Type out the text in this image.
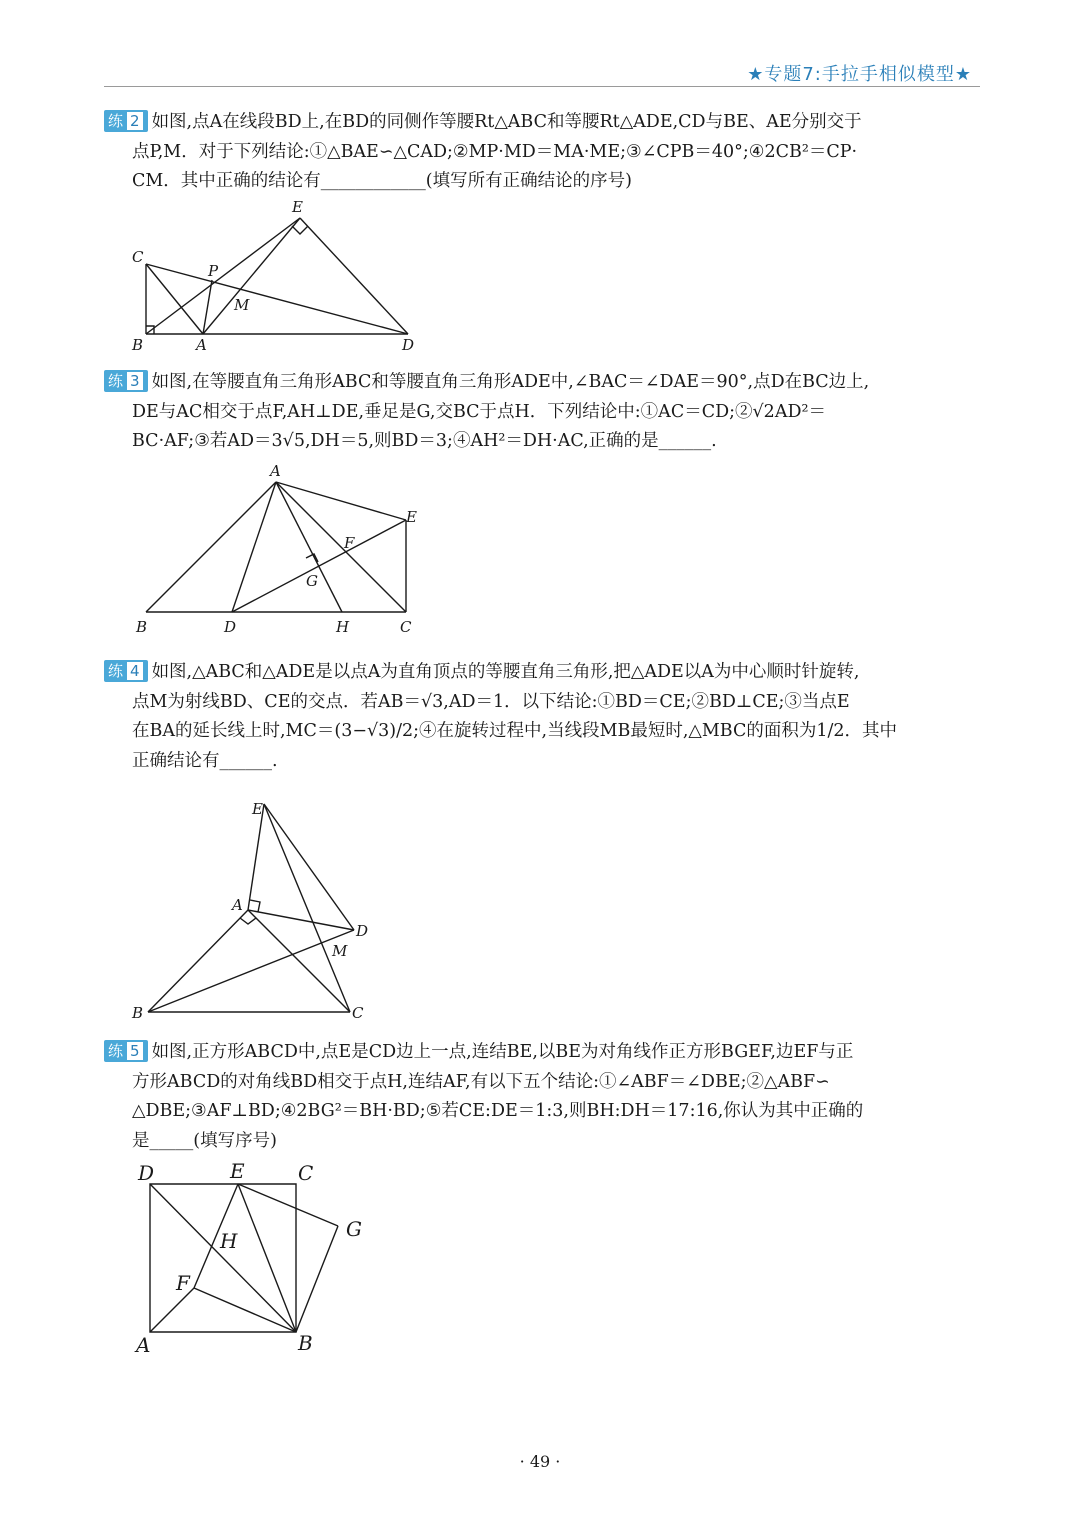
★专题7:手拉手相似模型★
练 2 如图,点A在线段BD上,在BD的同侧作等腰Rt△ABC和等腰Rt△ADE,CD与BE、AE分别交于
点P,M．对于下列结论:①△BAE∽△CAD;②MP·MD＝MA·ME;③∠CPB＝40°;④2CB²＝CP·
CM．其中正确的结论有____________(填写所有正确结论的序号)
E
C
P
M
B	A	D
练 3 如图,在等腰直角三角形ABC和等腰直角三角形ADE中,∠BAC＝∠DAE＝90°,点D在BC边上,
DE与AC相交于点F,AH⊥DE,垂足是G,交BC于点H．下列结论中:①AC＝CD;②√2AD²＝
BC·AF;③若AD＝3√5,DH＝5,则BD＝3;④AH²＝DH·AC,正确的是______.
A
E
F
G
B	D	H	C
练 4 如图,△ABC和△ADE是以点A为直角顶点的等腰直角三角形,把△ADE以A为中心顺时针旋转,
点M为射线BD、CE的交点．若AB＝√3,AD＝1．以下结论:①BD＝CE;②BD⊥CE;③当点E
在BA的延长线上时,MC＝(3−√3)/2;④在旋转过程中,当线段MB最短时,△MBC的面积为1/2．其中
正确结论有______.
E
A
D
M
B	C
练 5 如图,正方形ABCD中,点E是CD边上一点,连结BE,以BE为对角线作正方形BGEF,边EF与正
方形ABCD的对角线BD相交于点H,连结AF,有以下五个结论:①∠ABF＝∠DBE;②△ABF∽
△DBE;③AF⊥BD;④2BG²＝BH·BD;⑤若CE:DE＝1:3,则BH:DH＝17:16,你认为其中正确的
是_____(填写序号)
D	E	C
G
H
F
A	B
· 49 ·
